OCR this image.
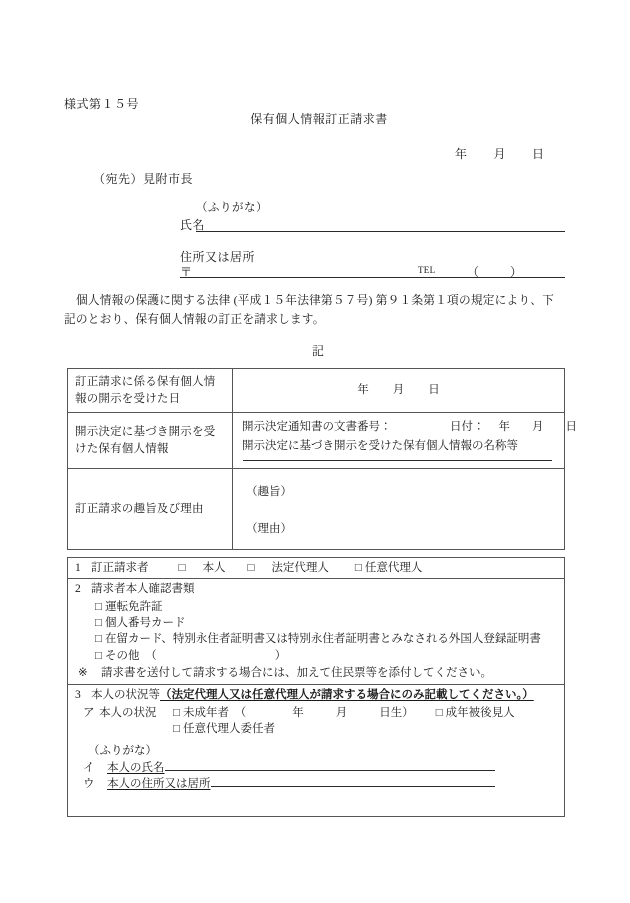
様式第１５号
保有個人情報訂正請求書
年 月 日
（宛先）見附市長
（ふりがな）
氏名
住所又は居所
〒	TEL	（	）

個人情報の保護に関する法律 (平成１５年法律第５７号) 第９１条第１項の規定により、下記のとおり、保有個人情報の訂正を請求します。

記
訂正請求に係る保有個人情報の開示を受けた日	年 月 日
開示決定に基づき開示を受けた保有個人情報	開示決定通知書の文書番号： 日付： 年 月 日
開示決定に基づき開示を受けた保有個人情報の名称等

訂正請求の趣旨及び理由	（趣旨）
（理由）
1 訂正請求者	□ 本人 □ 法定代理人 □ 任意代理人

2 請求者本人確認書類
□ 運転免許証
□ 個人番号カード
□ 在留カード、特別永住者証明書又は特別永住者証明書とみなされる外国人登録証明書
□ その他　（	）
※ 請求書を送付して請求する場合には、加えて住民票等を添付してください。

3 本人の状況等（法定代理人又は任意代理人が請求する場合にのみ記載してください。）
ア 本人の状況 □ 未成年者　（	年	月	日生） □ 成年被後見人
□ 任意代理人委任者
（ふりがな）
イ 本人の氏名
ウ 本人の住所又は居所
